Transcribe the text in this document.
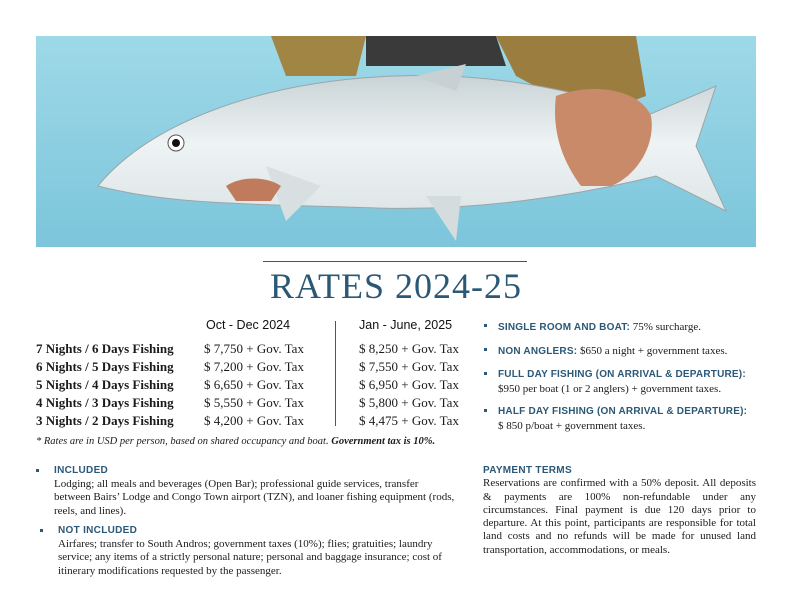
RATES 2024-25
Oct - Dec 2024	Jan - June, 2025
7 Nights / 6 Days Fishing $ 7,750 + Gov. Tax	$ 8,250 + Gov. Tax
6 Nights / 5 Days Fishing $ 7,200 + Gov. Tax	$ 7,550 + Gov. Tax
5 Nights / 4 Days Fishing $ 6,650 + Gov. Tax	$ 6,950 + Gov. Tax
4 Nights / 3 Days Fishing $ 5,550 + Gov. Tax	$ 5,800 + Gov. Tax
3 Nights / 2 Days Fishing $ 4,200 + Gov. Tax	$ 4,475 + Gov. Tax
* Rates are in USD per person, based on shared occupancy and boat. Government tax is 10%.
SINGLE ROOM AND BOAT: 75% surcharge.
NON ANGLERS: $650 a night + government taxes.
FULL DAY FISHING (ON ARRIVAL & DEPARTURE):
$950 per boat (1 or 2 anglers) + government taxes.
HALF DAY FISHING (ON ARRIVAL & DEPARTURE):
$ 850 p/boat + government taxes.
INCLUDED
Lodging; all meals and beverages (Open Bar); professional guide services, transfer between Bairs’ Lodge and Congo Town airport (TZN), and loaner fishing equipment (rods, reels, and lines).
NOT INCLUDED
Airfares; transfer to South Andros; government taxes (10%); flies; gratuities; laundry service; any items of a strictly personal nature; personal and baggage insurance; cost of itinerary modifications requested by the passenger.
PAYMENT TERMS
Reservations are confirmed with a 50% deposit. All deposits & payments are 100% non-refundable under any circumstances. Final payment is due 120 days prior to departure. At this point, participants are responsible for total land costs and no refunds will be made for unused land transportation, accommodations, or meals.
